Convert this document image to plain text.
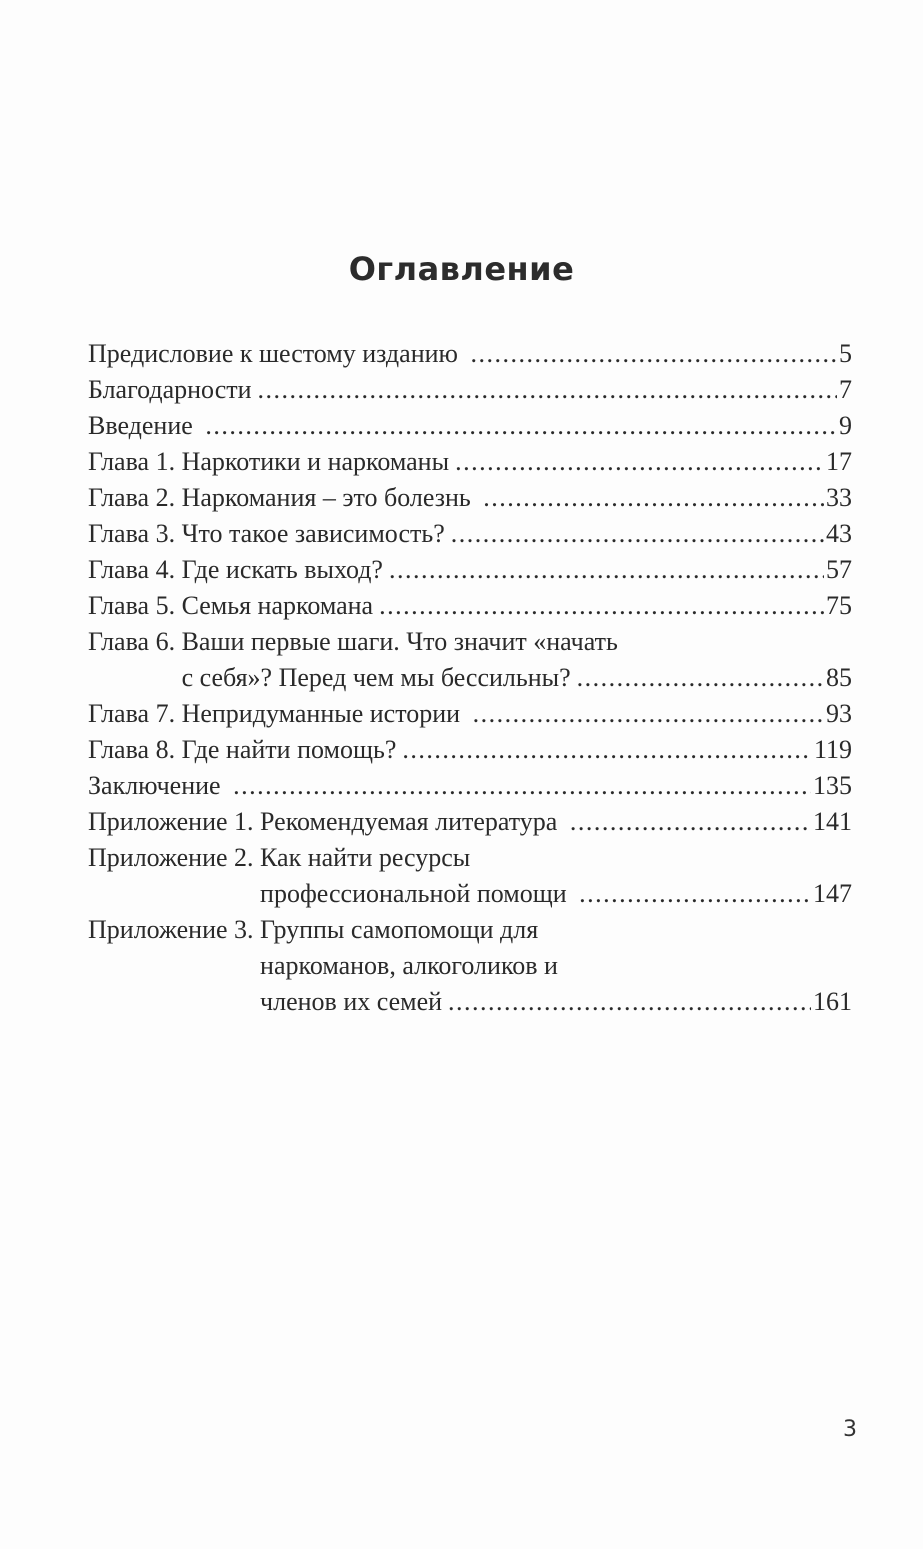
Оглавление
Предисловие к шестому изданию .....	5
Благодарности .....	7
Введение .....	9
Глава 1. Наркотики и наркоманы .....	17
Глава 2. Наркомания – это болезнь .....	33
Глава 3. Что такое зависимость? .....	43
Глава 4. Где искать выход? .....	57
Глава 5. Семья наркомана .....	75
Глава 6. Ваши первые шаги. Что значит «начать
с себя»? Перед чем мы бессильны? .....	85
Глава 7. Непридуманные истории .....	93
Глава 8. Где найти помощь? .....	119
Заключение .....	135
Приложение 1. Рекомендуемая литература .....	141
Приложение 2. Как найти ресурсы
профессиональной помощи .....	147
Приложение 3. Группы самопомощи для
наркоманов, алкоголиков и
членов их семей .....	161
3
